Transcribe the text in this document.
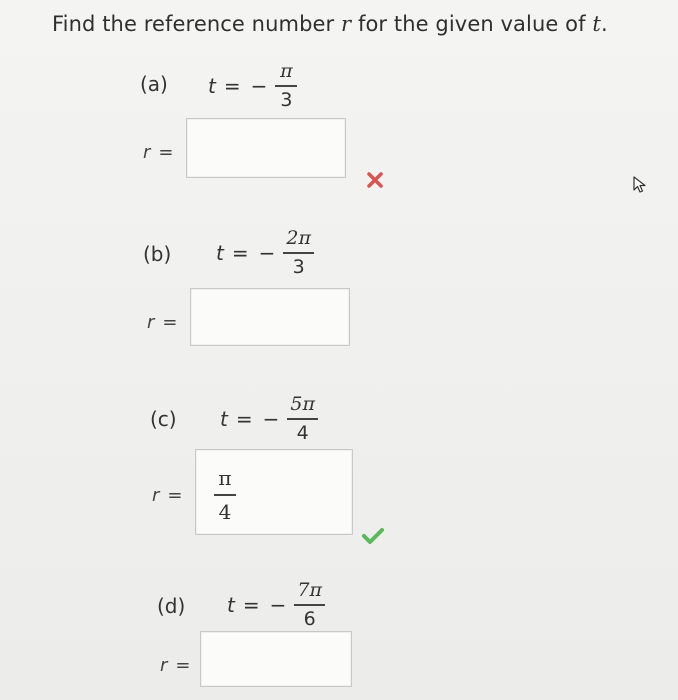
Find the reference number r for the given value of t.
(a) t = − $\frac{\pi}{3}$
r =
(b) t = − $\frac{2\pi}{3}$
r =
(c) t = − $\frac{5\pi}{4}$
r =
π
4
(d) t = − $\frac{7\pi}{6}$
r =
